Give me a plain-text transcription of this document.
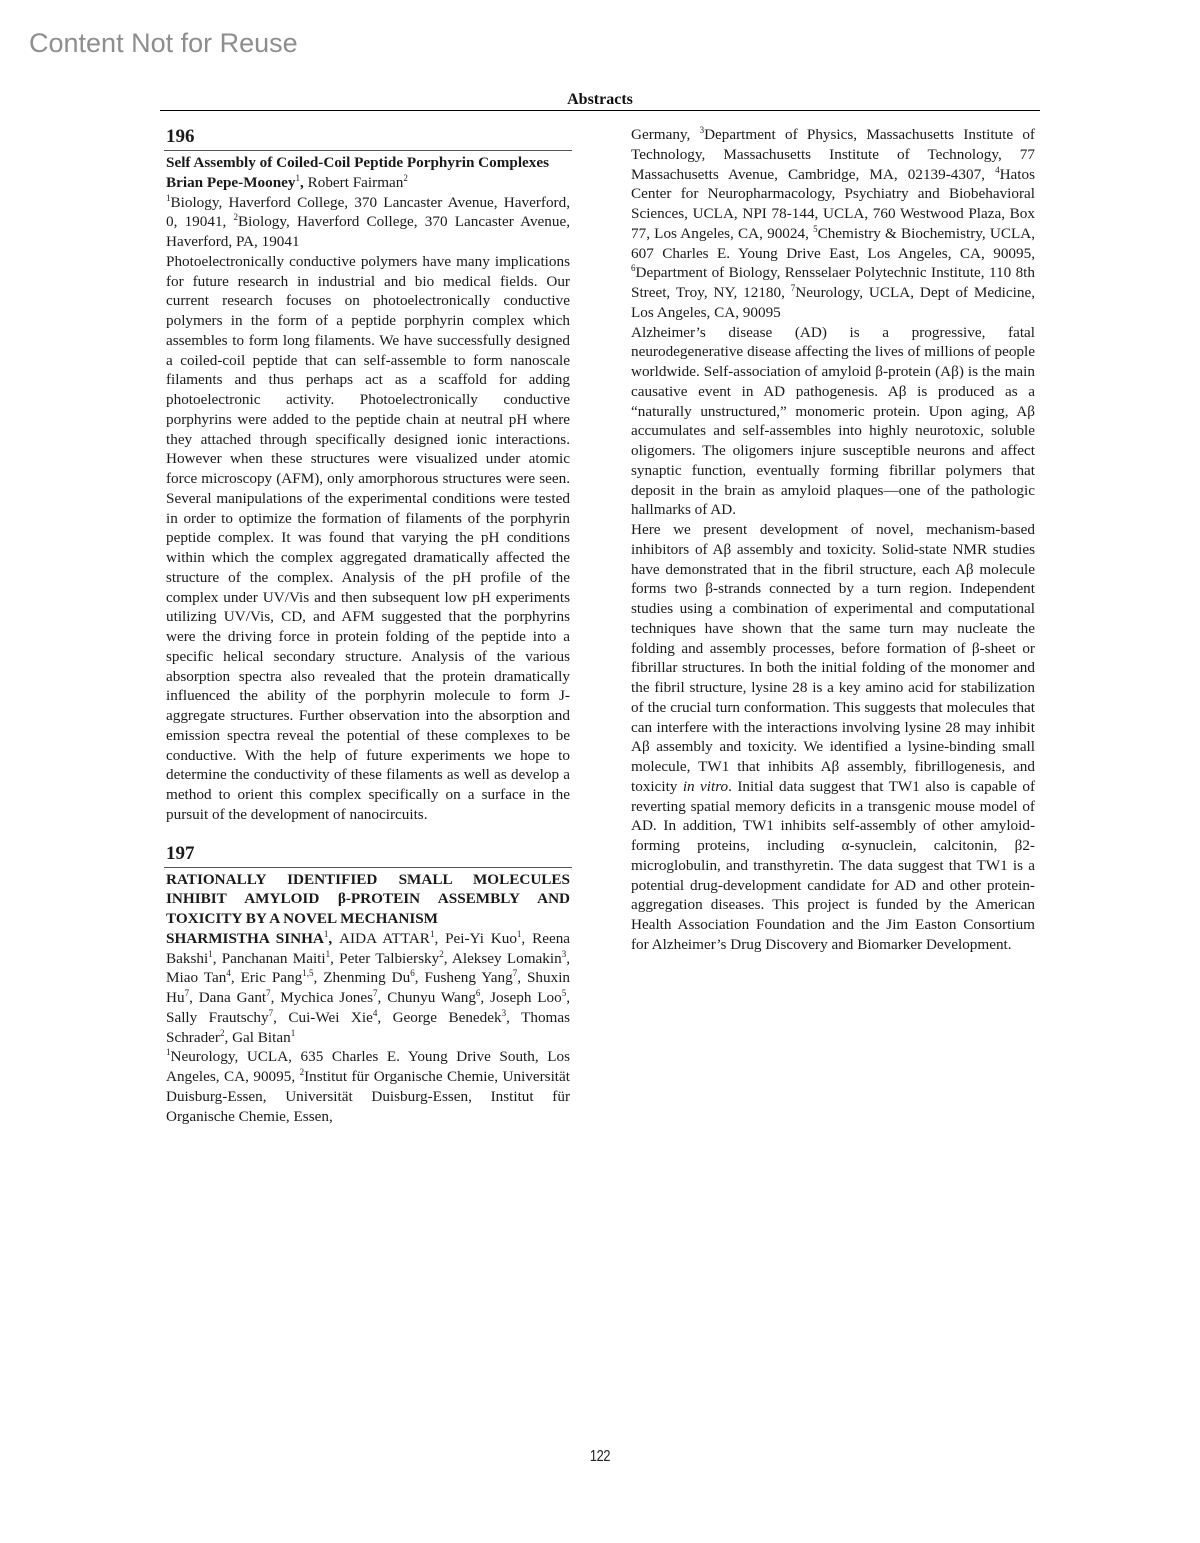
Content Not for Reuse
Abstracts
196

Self Assembly of Coiled-Coil Peptide Porphyrin Complexes

Brian Pepe-Mooney$^1$, Robert Fairman$^2$

$^1$Biology, Haverford College, 370 Lancaster Avenue, Haverford, 0, 19041, $^2$Biology, Haverford College, 370 Lancaster Avenue, Haverford, PA, 19041

Photoelectronically conductive polymers have many implications for future research in industrial and bio medical fields. Our current research focuses on photoelectronically conductive polymers in the form of a peptide porphyrin complex which assembles to form long filaments. We have successfully designed a coiled-coil peptide that can self-assemble to form nanoscale filaments and thus perhaps act as a scaffold for adding photoelectronic activity. Photoelectronically conductive porphyrins were added to the peptide chain at neutral pH where they attached through specifically designed ionic interactions. However when these structures were visualized under atomic force microscopy (AFM), only amorphorous structures were seen. Several manipulations of the experimental conditions were tested in order to optimize the formation of filaments of the porphyrin peptide complex. It was found that varying the pH conditions within which the complex aggregated dramatically affected the structure of the complex. Analysis of the pH profile of the complex under UV/Vis and then subsequent low pH experiments utilizing UV/Vis, CD, and AFM suggested that the porphyrins were the driving force in protein folding of the peptide into a specific helical secondary structure. Analysis of the various absorption spectra also revealed that the protein dramatically influenced the ability of the porphyrin molecule to form J-aggregate structures. Further observation into the absorption and emission spectra reveal the potential of these complexes to be conductive. With the help of future experiments we hope to determine the conductivity of these filaments as well as develop a method to orient this complex specifically on a surface in the pursuit of the development of nanocircuits.

197

RATIONALLY IDENTIFIED SMALL MOLECULES INHIBIT AMYLOID β-PROTEIN ASSEMBLY AND TOXICITY BY A NOVEL MECHANISM

SHARMISTHA SINHA$^1$, AIDA ATTAR$^1$, Pei-Yi Kuo$^1$, Reena Bakshi$^1$, Panchanan Maiti$^1$, Peter Talbiersky$^2$, Aleksey Lomakin$^3$, Miao Tan$^4$, Eric Pang$^{1,5}$, Zhenming Du$^6$, Fusheng Yang$^7$, Shuxin Hu$^7$, Dana Gant$^7$, Mychica Jones$^7$, Chunyu Wang$^6$, Joseph Loo$^5$, Sally Frautschy$^7$, Cui-Wei Xie$^4$, George Benedek$^3$, Thomas Schrader$^2$, Gal Bitan$^1$

$^1$Neurology, UCLA, 635 Charles E. Young Drive South, Los Angeles, CA, 90095, $^2$Institut für Organische Chemie, Universität Duisburg-Essen, Universität Duisburg-Essen, Institut für Organische Chemie, Essen,

Germany, $^3$Department of Physics, Massachusetts Institute of Technology, Massachusetts Institute of Technology, 77 Massachusetts Avenue, Cambridge, MA, 02139-4307, $^4$Hatos Center for Neuropharmacology, Psychiatry and Biobehavioral Sciences, UCLA, NPI 78-144, UCLA, 760 Westwood Plaza, Box 77, Los Angeles, CA, 90024, $^5$Chemistry & Biochemistry, UCLA, 607 Charles E. Young Drive East, Los Angeles, CA, 90095, $^6$Department of Biology, Rensselaer Polytechnic Institute, 110 8th Street, Troy, NY, 12180, $^7$Neurology, UCLA, Dept of Medicine, Los Angeles, CA, 90095

Alzheimer’s disease (AD) is a progressive, fatal neurodegenerative disease affecting the lives of millions of people worldwide. Self-association of amyloid β-protein (Aβ) is the main causative event in AD pathogenesis. Aβ is produced as a “naturally unstructured,” monomeric protein. Upon aging, Aβ accumulates and self-assembles into highly neurotoxic, soluble oligomers. The oligomers injure susceptible neurons and affect synaptic function, eventually forming fibrillar polymers that deposit in the brain as amyloid plaques—one of the pathologic hallmarks of AD.

Here we present development of novel, mechanism-based inhibitors of Aβ assembly and toxicity. Solid-state NMR studies have demonstrated that in the fibril structure, each Aβ molecule forms two β-strands connected by a turn region. Independent studies using a combination of experimental and computational techniques have shown that the same turn may nucleate the folding and assembly processes, before formation of β-sheet or fibrillar structures. In both the initial folding of the monomer and the fibril structure, lysine 28 is a key amino acid for stabilization of the crucial turn conformation. This suggests that molecules that can interfere with the interactions involving lysine 28 may inhibit Aβ assembly and toxicity. We identified a lysine-binding small molecule, TW1 that inhibits Aβ assembly, fibrillogenesis, and toxicity in vitro. Initial data suggest that TW1 also is capable of reverting spatial memory deficits in a transgenic mouse model of AD. In addition, TW1 inhibits self-assembly of other amyloid-forming proteins, including α-synuclein, calcitonin, β2-microglobulin, and transthyretin. The data suggest that TW1 is a potential drug-development candidate for AD and other protein-aggregation diseases. This project is funded by the American Health Association Foundation and the Jim Easton Consortium for Alzheimer’s Drug Discovery and Biomarker Development.

122
